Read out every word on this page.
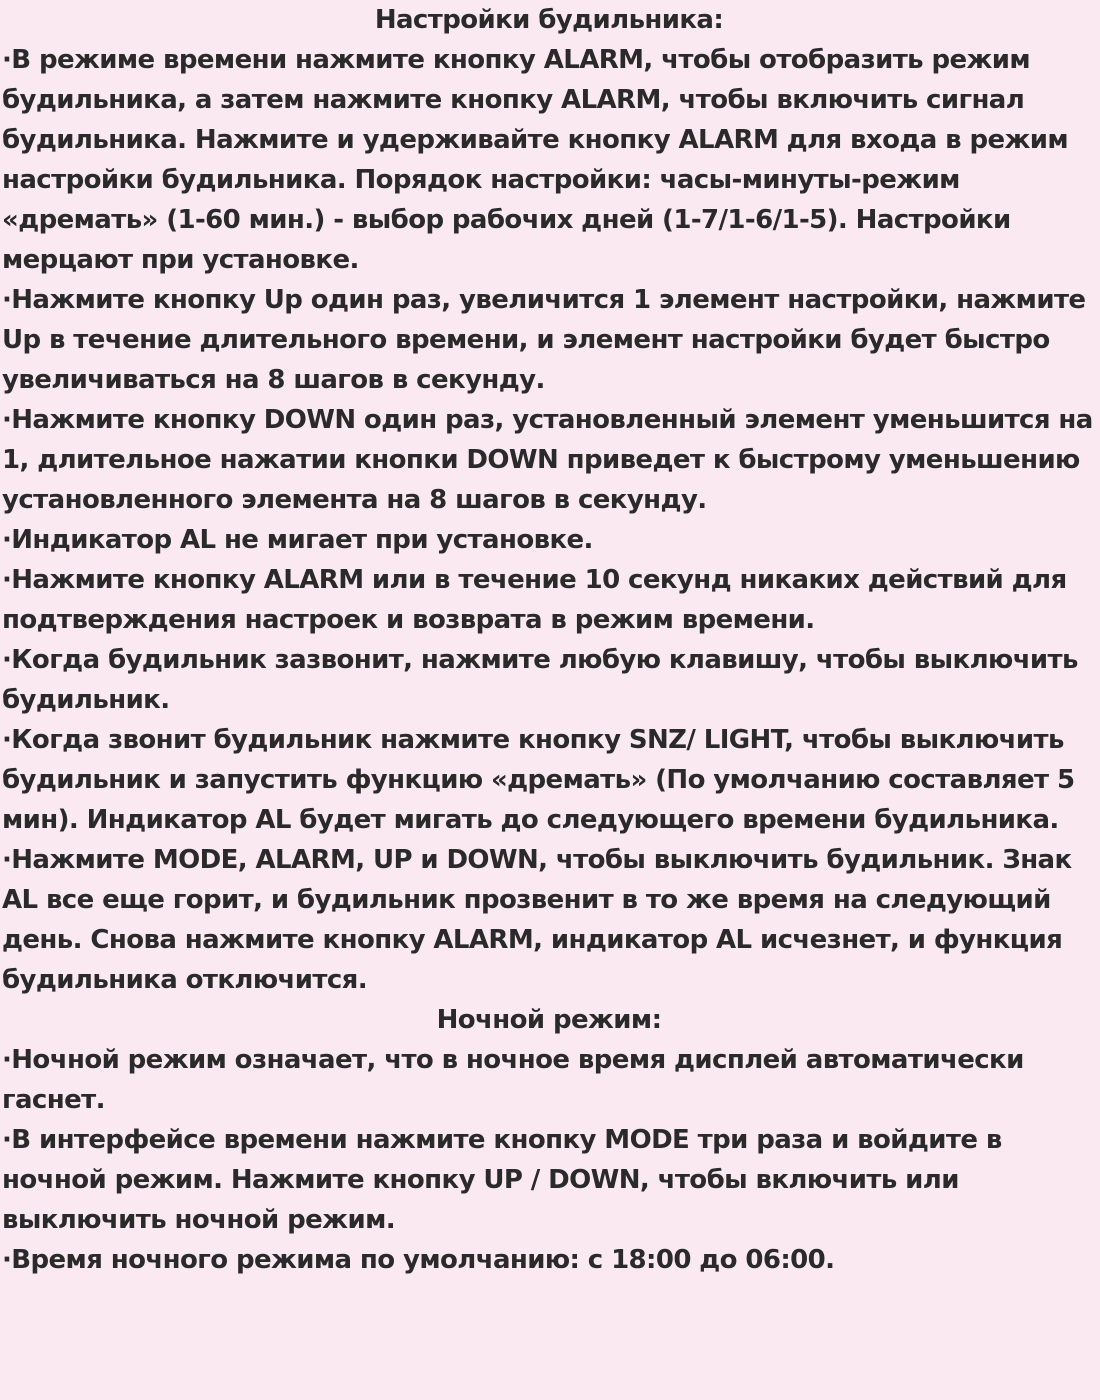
Настройки будильника:
·В режиме времени нажмите кнопку ALARM, чтобы отобразить режим будильника, а затем нажмите кнопку ALARM, чтобы включить сигнал будильника. Нажмите и удерживайте кнопку ALARM для входа в режим настройки будильника. Порядок настройки: часы-минуты-режим «дремать» (1-60 мин.) - выбор рабочих дней (1-7/1-6/1-5). Настройки мерцают при установке.
·Нажмите кнопку Up один раз, увеличится 1 элемент настройки, нажмите Up в течение длительного времени, и элемент настройки будет быстро увеличиваться на 8 шагов в секунду.
·Нажмите кнопку DOWN один раз, установленный элемент уменьшится на 1, длительное нажатии кнопки DOWN приведет к быстрому уменьшению установленного элемента на 8 шагов в секунду.
·Индикатор AL не мигает при установке.
·Нажмите кнопку ALARM или в течение 10 секунд никаких действий для подтверждения настроек и возврата в режим времени.
·Когда будильник зазвонит, нажмите любую клавишу, чтобы выключить будильник.
·Когда звонит будильник нажмите кнопку SNZ/ LIGHT, чтобы выключить будильник и запустить функцию «дремать» (По умолчанию составляет 5 мин). Индикатор AL будет мигать до следующего времени будильника.
·Нажмите MODE, ALARM, UP и DOWN, чтобы выключить будильник. Знак AL все еще горит, и будильник прозвенит в то же время на следующий день. Снова нажмите кнопку ALARM, индикатор AL исчезнет, и функция будильника отключится.
Ночной режим:
·Ночной режим означает, что в ночное время дисплей автоматически гаснет.
·В интерфейсе времени нажмите кнопку MODE три раза и войдите в ночной режим. Нажмите кнопку UP / DOWN, чтобы включить или выключить ночной режим.
·Время ночного режима по умолчанию: с 18:00 до 06:00.
